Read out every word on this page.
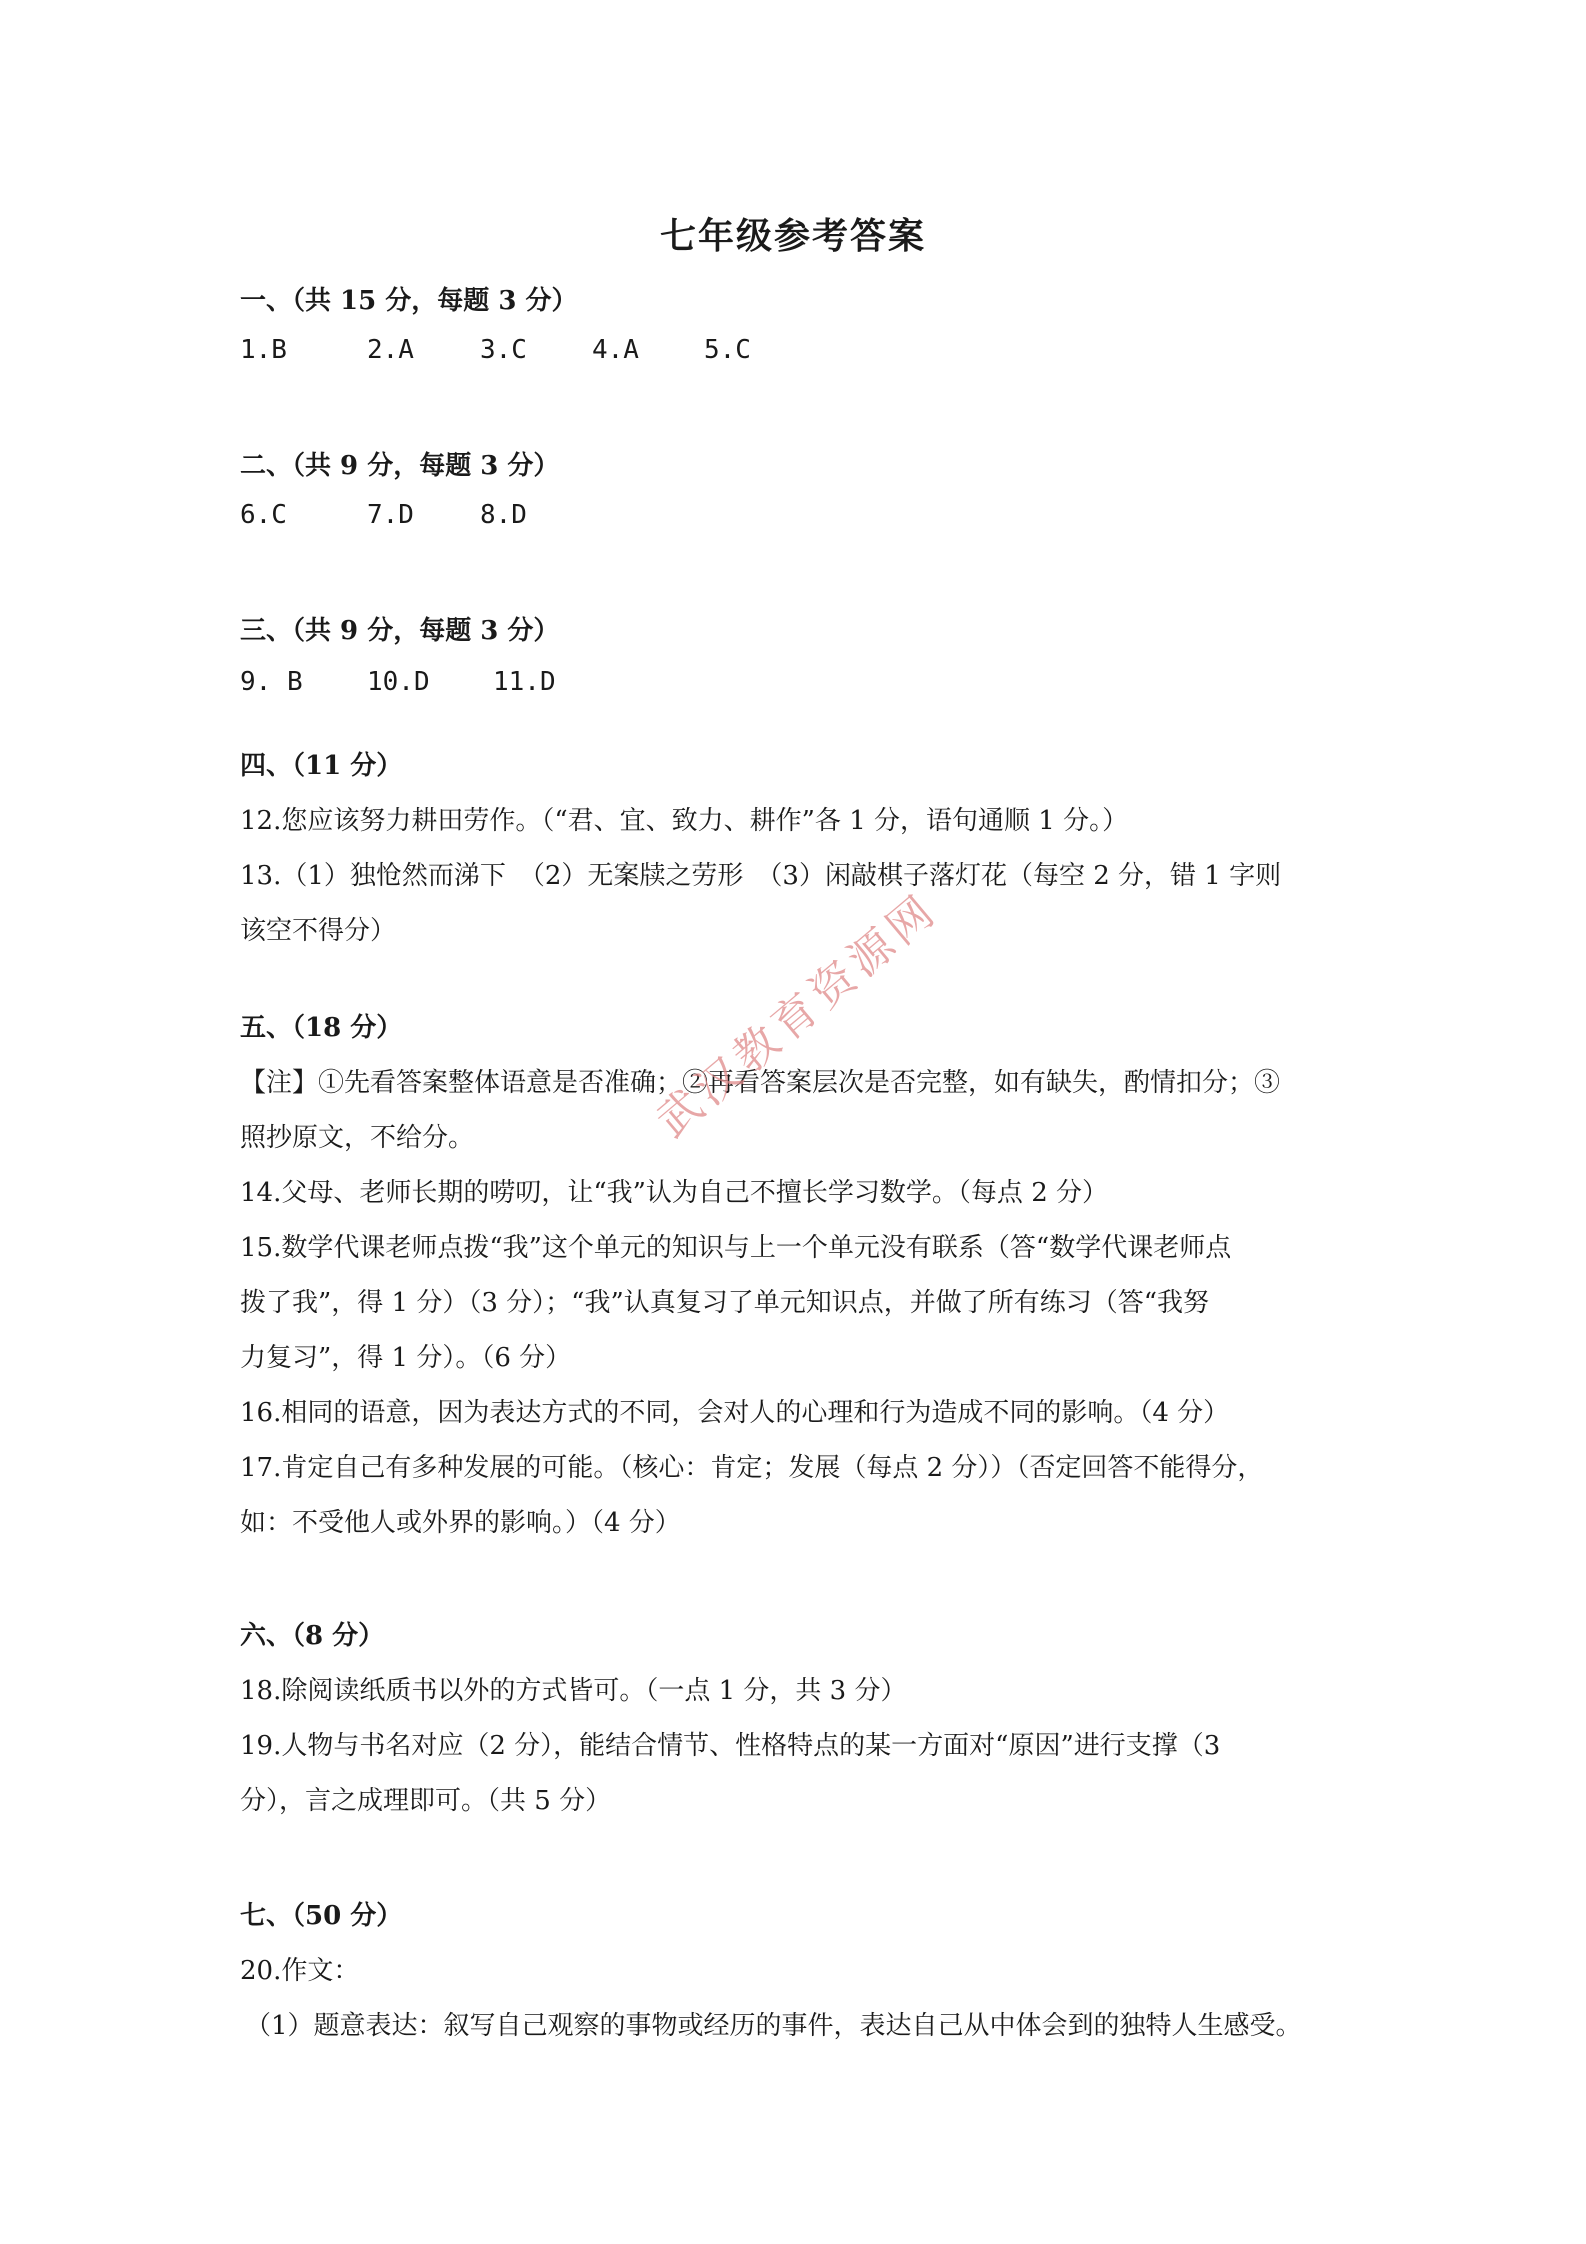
七年级参考答案
一、（共 15 分，每题 3 分）
1.B	2.A	3.C	4.A	5.C
二、（共 9 分，每题 3 分）
6.C	7.D	8.D
三、（共 9 分，每题 3 分）
9. B 10.D 11.D
四、（11 分）
12.您应该努力耕田劳作。（“君、宜、致力、耕作”各 1 分，语句通顺 1 分。）
13.（1）独怆然而涕下　（2）无案牍之劳形　（3）闲敲棋子落灯花（每空 2 分，错 1 字则
该空不得分）
五、（18 分）
【注】①先看答案整体语意是否准确；②再看答案层次是否完整，如有缺失，酌情扣分；③
照抄原文，不给分。
14.父母、老师长期的唠叨，让“我”认为自己不擅长学习数学。（每点 2 分）
15.数学代课老师点拨“我”这个单元的知识与上一个单元没有联系（答“数学代课老师点
拨了我”，得 1 分）（3 分）；“我”认真复习了单元知识点，并做了所有练习（答“我努
力复习”，得 1 分）。（6 分）
16.相同的语意，因为表达方式的不同，会对人的心理和行为造成不同的影响。（4 分）
17.肯定自己有多种发展的可能。（核心：肯定；发展（每点 2 分））（否定回答不能得分，
如：不受他人或外界的影响。）（4 分）
六、（8 分）
18.除阅读纸质书以外的方式皆可。（一点 1 分，共 3 分）
19.人物与书名对应（2 分），能结合情节、性格特点的某一方面对“原因”进行支撑（3
分），言之成理即可。（共 5 分）
七、（50 分）
20.作文：
（1）题意表达：叙写自己观察的事物或经历的事件，表达自己从中体会到的独特人生感受。
武汉教育资源网
